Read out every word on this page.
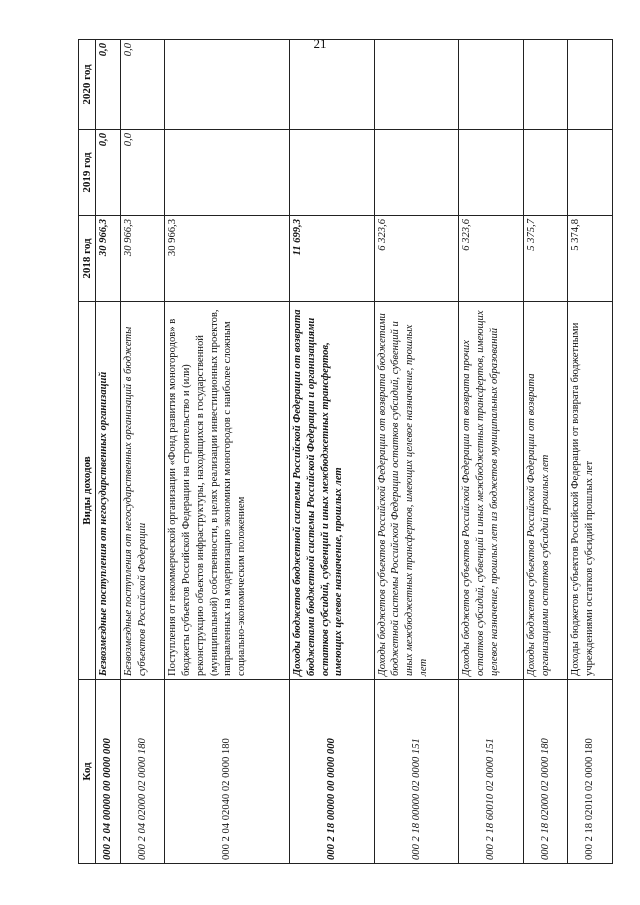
21
Код	Виды доходов	2018 год	2019 год	2020 год
000 2 04 00000 00 0000 000	Безвозмездные поступления от негосударственных организаций	30 966,3	0,0	0,0
000 2 04 02000 02 0000 180	Безвозмездные поступления от негосударственных организаций в бюджеты субъектов Российской Федерации	30 966,3	0,0	0,0
000 2 04 02040 02 0000 180	Поступления от некоммерческой организации «Фонд развития моногородов» в бюджеты субъектов Российской Федерации на строительство и (или) реконструкцию объектов инфраструктуры, находящихся в государственной (муниципальной) собственности, в целях реализации инвестиционных проектов, направленных на модернизацию экономики моногородов с наиболее сложным социально-экономическим положением	30 966,3		
000 2 18 00000 00 0000 000	Доходы бюджетов бюджетной системы Российской Федерации от возврата бюджетами бюджетной системы Российской Федерации и организациями остатков субсидий, субвенций и иных межбюджетных трансфертов, имеющих целевое назначение, прошлых лет	11 699,3		
000 2 18 00000 02 0000 151	Доходы бюджетов субъектов Российской Федерации от возврата бюджетами бюджетной системы Российской Федерации остатков субсидий, субвенций и иных межбюджетных трансфертов, имеющих целевое назначение, прошлых лет	6 323,6		
000 2 18 60010 02 0000 151	Доходы бюджетов субъектов Российской Федерации от возврата прочих остатков субсидий, субвенций и иных межбюджетных трансфертов, имеющих целевое назначение, прошлых лет из бюджетов муниципальных образований	6 323,6		
000 2 18 02000 02 0000 180	Доходы бюджетов субъектов Российской Федерации от возврата организациями остатков субсидий прошлых лет	5 375,7		
000 2 18 02010 02 0000 180	Доходы бюджетов субъектов Российской Федерации от возврата бюджетными учреждениями остатков субсидий прошлых лет	5 374,8		
